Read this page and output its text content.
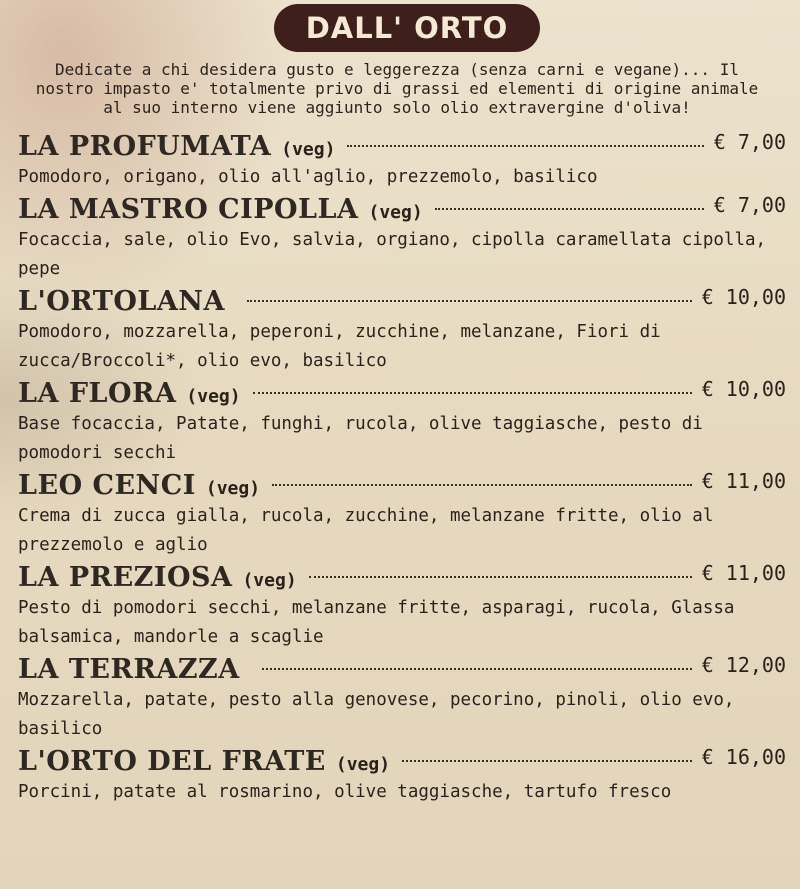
DALL' ORTO
Dedicate a chi desidera gusto e leggerezza (senza carni e vegane)... Il nostro impasto e' totalmente privo di grassi ed elementi di origine animale al suo interno viene aggiunto solo olio extravergine d'oliva!
LA PROFUMATA (veg)	€ 7,00
Pomodoro, origano, olio all'aglio, prezzemolo, basilico
LA MASTRO CIPOLLA (veg)	€ 7,00
Focaccia, sale, olio Evo, salvia, orgiano, cipolla caramellata cipolla, pepe
L'ORTOLANA	€ 10,00
Pomodoro, mozzarella, peperoni, zucchine, melanzane, Fiori di zucca/Broccoli*, olio evo, basilico
LA FLORA (veg)	€ 10,00
Base focaccia, Patate, funghi, rucola, olive taggiasche, pesto di pomodori secchi
LEO CENCI (veg)	€ 11,00
Crema di zucca gialla, rucola, zucchine, melanzane fritte, olio al prezzemolo e aglio
LA PREZIOSA (veg)	€ 11,00
Pesto di pomodori secchi, melanzane fritte, asparagi, rucola, Glassa balsamica, mandorle a scaglie
LA TERRAZZA	€ 12,00
Mozzarella, patate, pesto alla genovese, pecorino, pinoli, olio evo, basilico
L'ORTO DEL FRATE (veg)	€ 16,00
Porcini, patate al rosmarino, olive taggiasche, tartufo fresco
